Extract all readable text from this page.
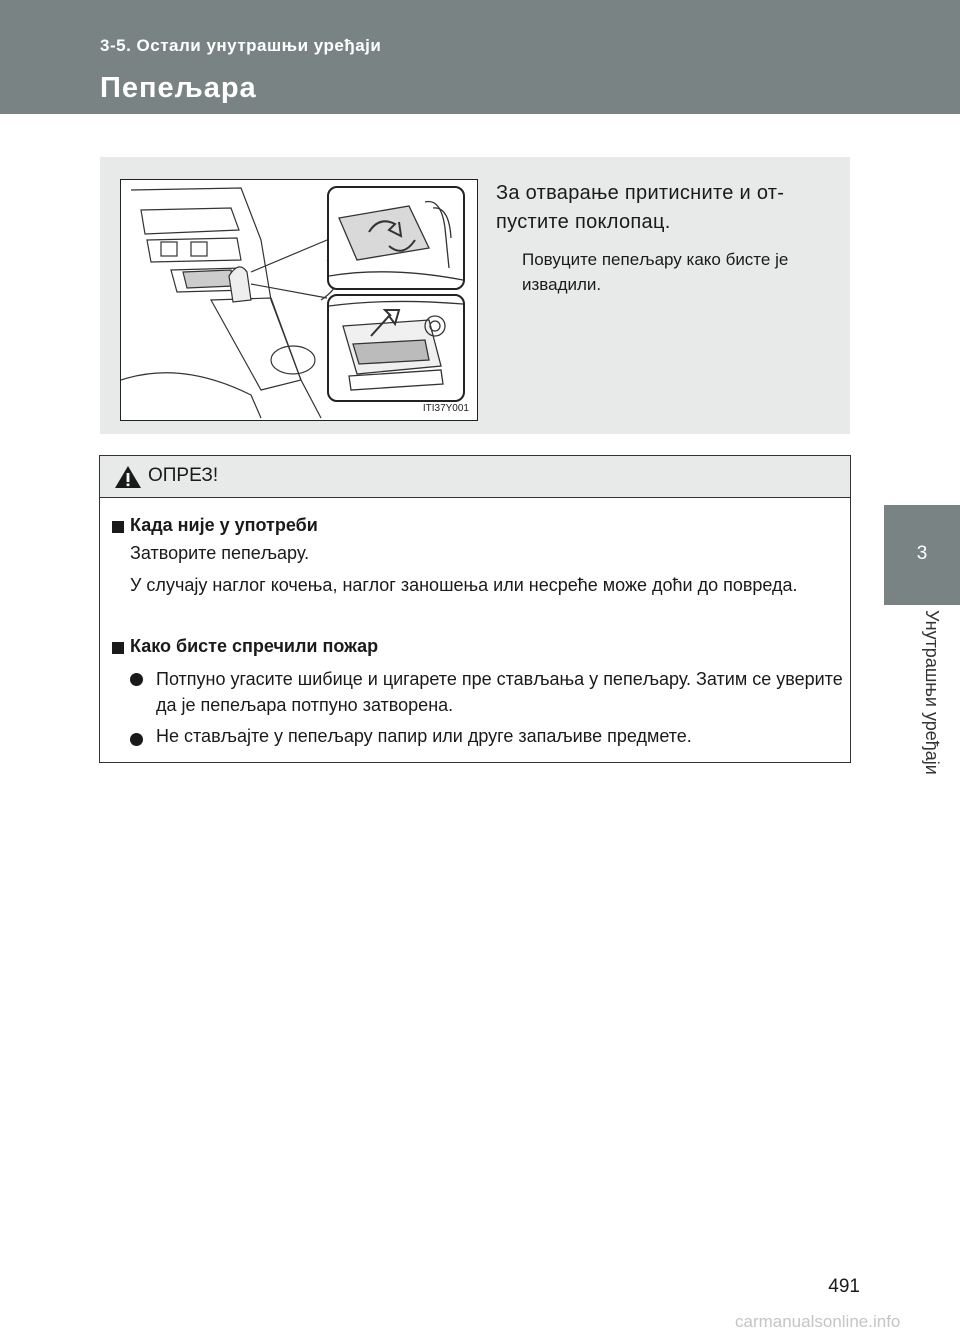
3-5. Остали унутрашњи уређаји
Пепељара
3
Унутрашњи уређаји
ITI37Y001
За отварање притисните и от-пустите поклопац.
Повуците пепељару како бисте је извадили.
ОПРЕЗ!
Када није у употреби
Затворите пепељару.
У случају наглог кочења, наглог заношења или несреће може доћи до повреда.
Како бисте спречили пожар
Потпуно угасите шибице и цигарете пре стављања у пепељару. Затим се уверите да је пепељара потпуно затворена.
Не стављајте у пепељару папир или друге запаљиве предмете.
491
carmanualsonline.info
